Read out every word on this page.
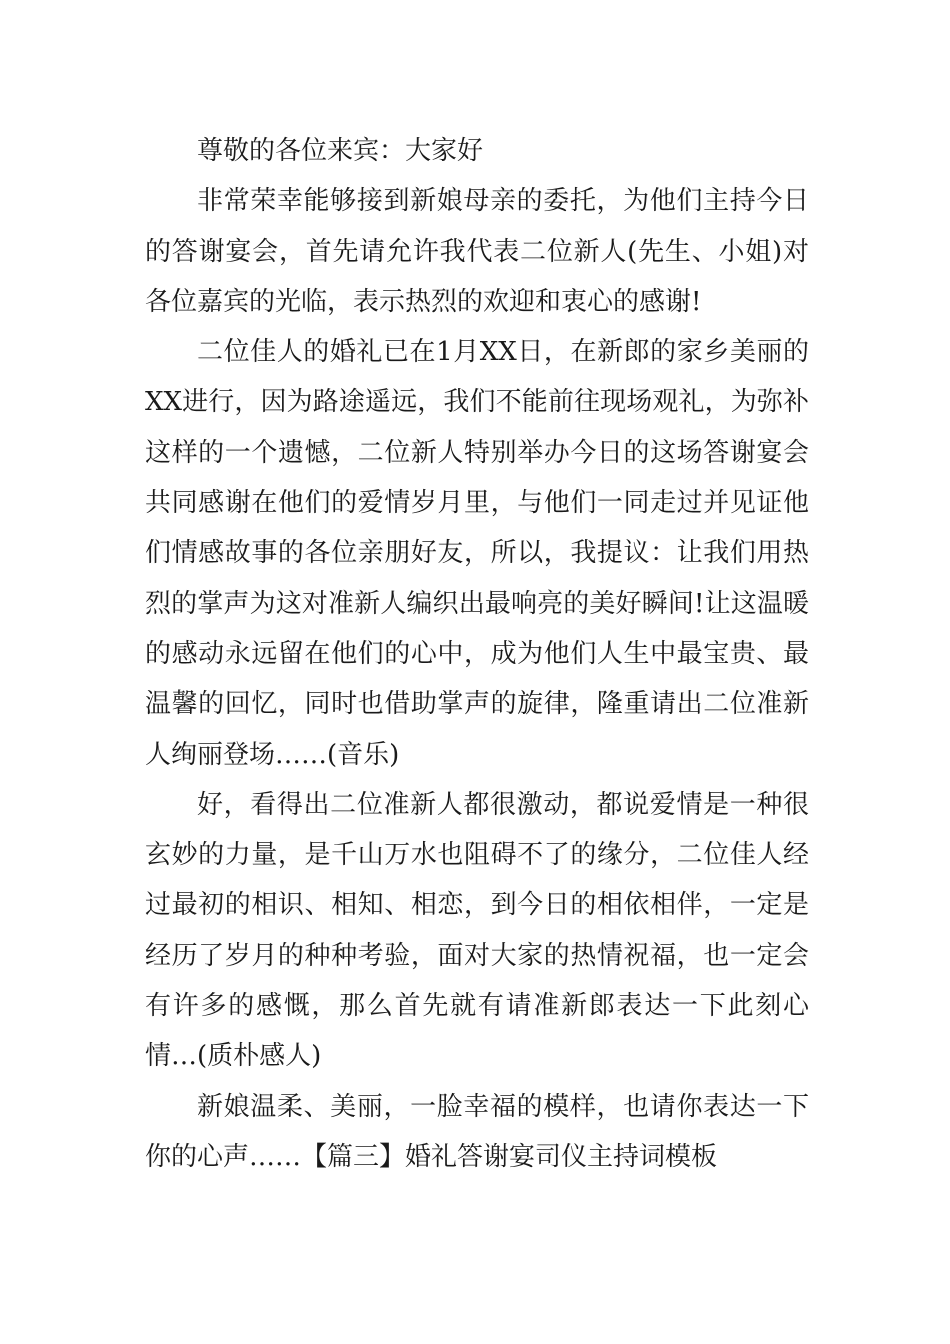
尊敬的各位来宾：大家好

非常荣幸能够接到新娘母亲的委托，为他们主持今日的答谢宴会，首先请允许我代表二位新人(先生、小姐)对各位嘉宾的光临，表示热烈的欢迎和衷心的感谢!

二位佳人的婚礼已在1月XX日，在新郎的家乡美丽的XX进行，因为路途遥远，我们不能前往现场观礼，为弥补这样的一个遗憾，二位新人特别举办今日的这场答谢宴会共同感谢在他们的爱情岁月里，与他们一同走过并见证他们情感故事的各位亲朋好友，所以，我提议：让我们用热烈的掌声为这对准新人编织出最响亮的美好瞬间!让这温暖的感动永远留在他们的心中，成为他们人生中最宝贵、最温馨的回忆，同时也借助掌声的旋律，隆重请出二位准新人绚丽登场……(音乐)

好，看得出二位准新人都很激动，都说爱情是一种很玄妙的力量，是千山万水也阻碍不了的缘分，二位佳人经过最初的相识、相知、相恋，到今日的相依相伴，一定是经历了岁月的种种考验，面对大家的热情祝福，也一定会有许多的感慨，那么首先就有请准新郎表达一下此刻心情…(质朴感人)

新娘温柔、美丽，一脸幸福的模样，也请你表达一下你的心声……【篇三】婚礼答谢宴司仪主持词模板
